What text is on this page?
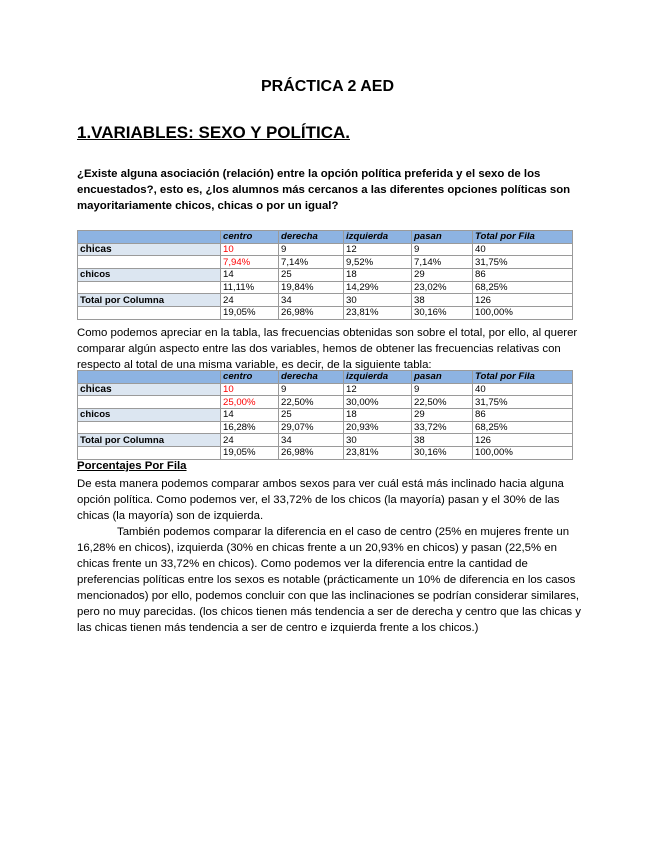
PRÁCTICA 2 AED
1.VARIABLES: SEXO Y POLÍTICA.

¿Existe alguna asociación (relación) entre la opción política preferida y el sexo de los encuestados?, esto es, ¿los alumnos más cercanos a las diferentes opciones políticas son mayoritariamente chicos, chicas o por un igual?

	centro	derecha	izquierda	pasan	Total por Fila
chicas	10	9	12	9	40
	7,94%	7,14%	9,52%	7,14%	31,75%
chicos	14	25	18	29	86
	11,11%	19,84%	14,29%	23,02%	68,25%
Total por Columna	24	34	30	38	126
	19,05%	26,98%	23,81%	30,16%	100,00%

Como podemos apreciar en la tabla, las frecuencias obtenidas son sobre el total, por ello, al querer comparar algún aspecto entre las dos variables, hemos de obtener las frecuencias relativas con respecto al total de una misma variable, es decir, de la siguiente tabla:

	centro	derecha	izquierda	pasan	Total por Fila
chicas	10	9	12	9	40
	25,00%	22,50%	30,00%	22,50%	31,75%
chicos	14	25	18	29	86
	16,28%	29,07%	20,93%	33,72%	68,25%
Total por Columna	24	34	30	38	126
	19,05%	26,98%	23,81%	30,16%	100,00%
Porcentajes Por Fila

De esta manera podemos comparar ambos sexos para ver cuál está más inclinado hacia alguna opción política. Como podemos ver, el 33,72% de los chicos (la mayoría) pasan y el 30% de las chicas (la mayoría) son de izquierda.

También podemos comparar la diferencia en el caso de centro (25% en mujeres frente un 16,28% en chicos), izquierda (30% en chicas frente a un 20,93% en chicos) y pasan (22,5% en chicas frente un 33,72% en chicos). Como podemos ver la diferencia entre la cantidad de preferencias políticas entre los sexos es notable (prácticamente un 10% de diferencia en los casos mencionados) por ello, podemos concluir con que las inclinaciones se podrían considerar similares, pero no muy parecidas. (los chicos tienen más tendencia a ser de derecha y centro que las chicas y las chicas tienen más tendencia a ser de centro e izquierda frente a los chicos.)
